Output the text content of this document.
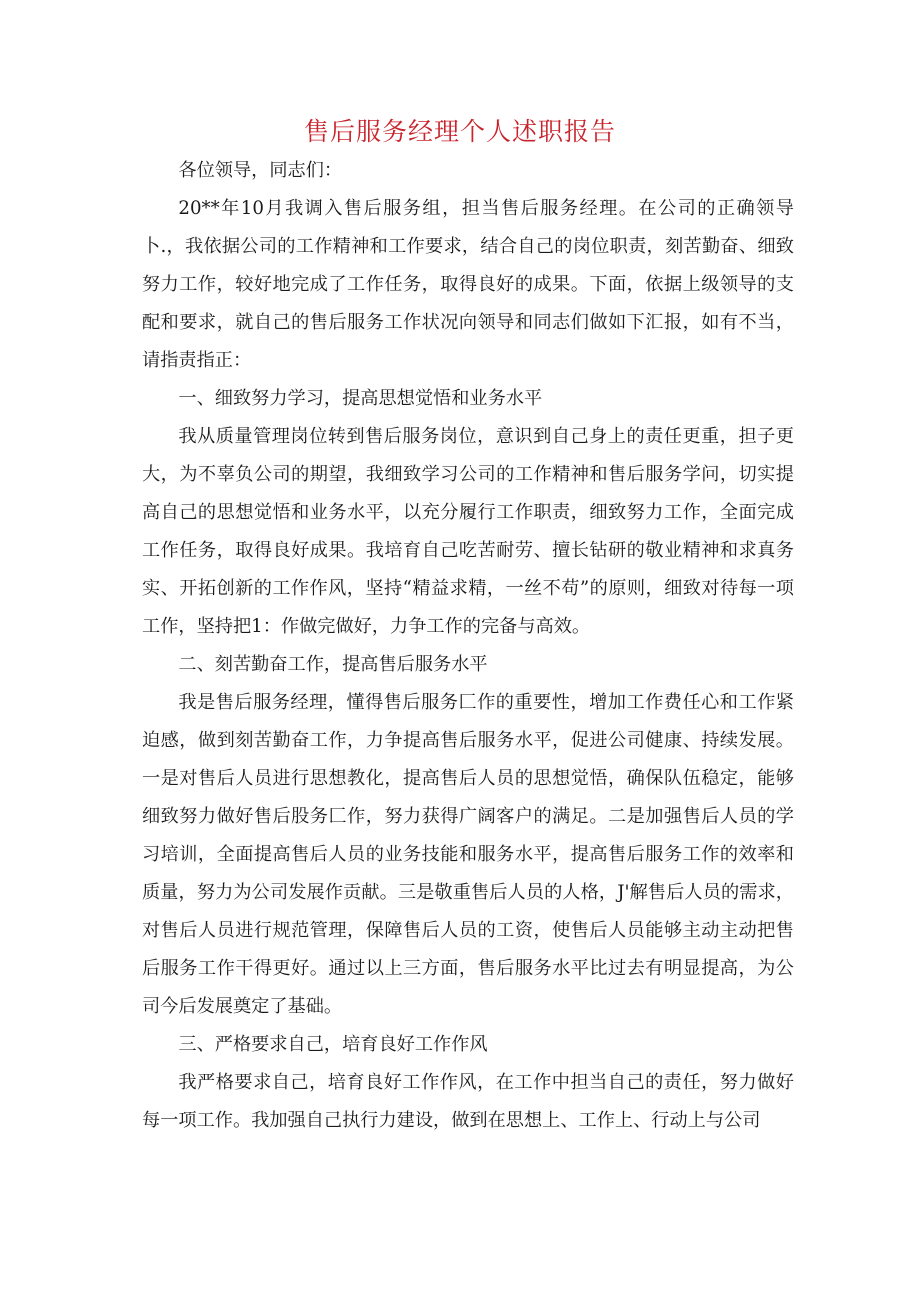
售后服务经理个人述职报告

各位领导，同志们：

20**年10月我调入售后服务组，担当售后服务经理。在公司的正确领导卜.，我依据公司的工作精神和工作要求，结合自己的岗位职责，刻苦勤奋、细致努力工作，较好地完成了工作任务，取得良好的成果。下面，依据上级领导的支配和要求，就自己的售后服务工作状况向领导和同志们做如下汇报，如有不当，请指责指正：

一、细致努力学习，提高思想觉悟和业务水平

我从质量管理岗位转到售后服务岗位，意识到自己身上的责任更重，担子更大，为不辜负公司的期望，我细致学习公司的工作精神和售后服务学问，切实提高自己的思想觉悟和业务水平，以充分履行工作职责，细致努力工作，全面完成工作任务，取得良好成果。我培育自己吃苦耐劳、擅长钻研的敬业精神和求真务实、开拓创新的工作作风，坚持“精益求精，一丝不苟”的原则，细致对待每一项工作，坚持把1：作做完做好，力争工作的完备与高效。

二、刻苦勤奋工作，提高售后服务水平

我是售后服务经理，懂得售后服务匚作的重要性，增加工作费任心和工作紧迫感，做到刻苦勤奋工作，力争提高售后服务水平，促进公司健康、持续发展。一是对售后人员进行思想教化，提高售后人员的思想觉悟，确保队伍稳定，能够细致努力做好售后股务匚作，努力获得广阔客户的满足。二是加强售后人员的学习培训，全面提高售后人员的业务技能和服务水平，提高售后服务工作的效率和质量，努力为公司发展作贡献。三是敬重售后人员的人格，J'解售后人员的需求，对售后人员进行规范管理，保障售后人员的工资，使售后人员能够主动主动把售后服务工作干得更好。通过以上三方面，售后服务水平比过去有明显提高，为公司今后发展奠定了基础。

三、严格要求自己，培育良好工作作风

我严格要求自己，培育良好工作作风，在工作中担当自己的责任，努力做好每一项工作。我加强自己执行力建设，做到在思想上、工作上、行动上与公司
